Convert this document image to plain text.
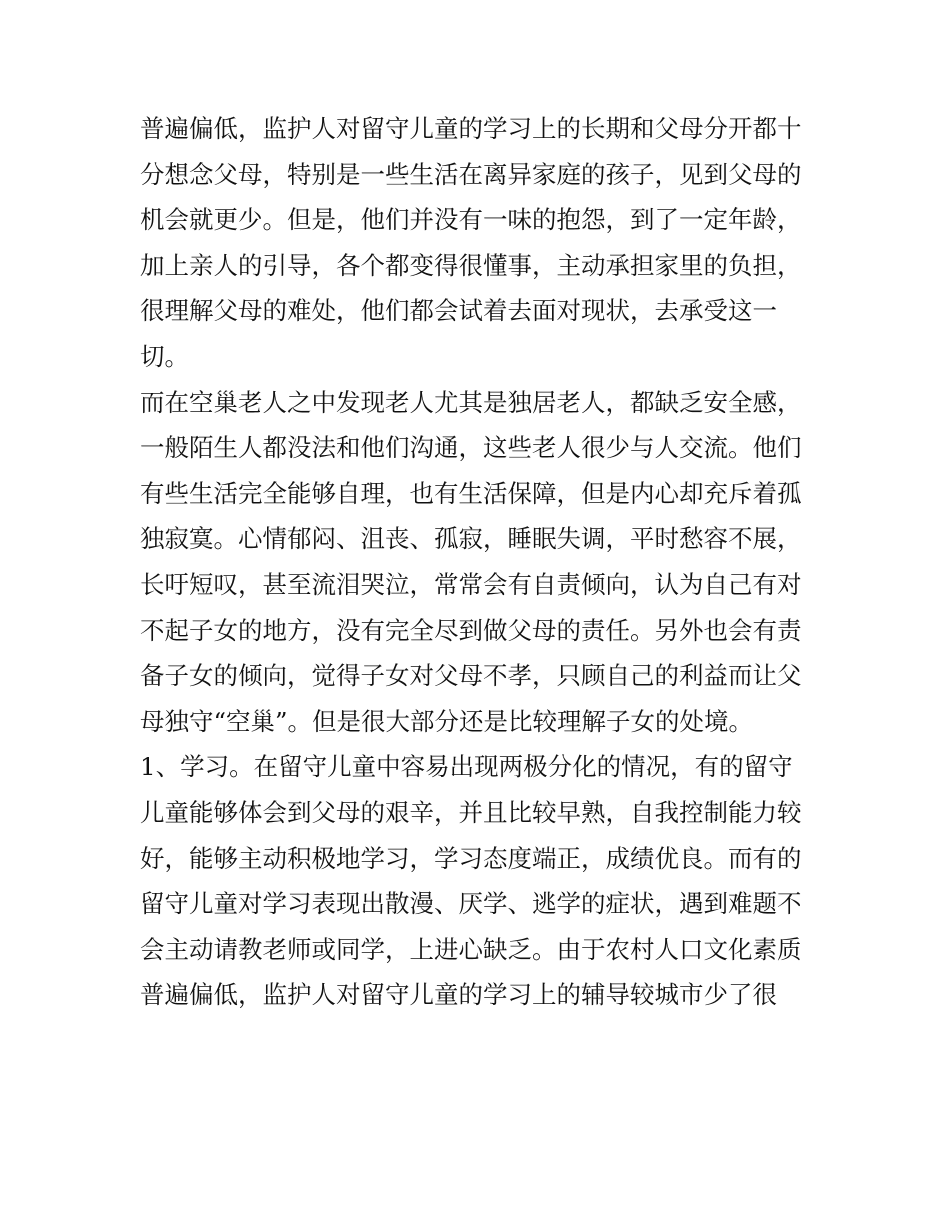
普遍偏低，监护人对留守儿童的学习上的长期和父母分开都十
分想念父母，特别是一些生活在离异家庭的孩子，见到父母的
机会就更少。但是，他们并没有一味的抱怨，到了一定年龄，
加上亲人的引导，各个都变得很懂事，主动承担家里的负担，
很理解父母的难处，他们都会试着去面对现状，去承受这一
切。
而在空巢老人之中发现老人尤其是独居老人，都缺乏安全感，
一般陌生人都没法和他们沟通，这些老人很少与人交流。他们
有些生活完全能够自理，也有生活保障，但是内心却充斥着孤
独寂寞。心情郁闷、沮丧、孤寂，睡眠失调，平时愁容不展，
长吁短叹，甚至流泪哭泣，常常会有自责倾向，认为自己有对
不起子女的地方，没有完全尽到做父母的责任。另外也会有责
备子女的倾向，觉得子女对父母不孝，只顾自己的利益而让父
母独守“空巢”。但是很大部分还是比较理解子女的处境。
1、学习。在留守儿童中容易出现两极分化的情况，有的留守
儿童能够体会到父母的艰辛，并且比较早熟，自我控制能力较
好，能够主动积极地学习，学习态度端正，成绩优良。而有的
留守儿童对学习表现出散漫、厌学、逃学的症状，遇到难题不
会主动请教老师或同学，上进心缺乏。由于农村人口文化素质
普遍偏低，监护人对留守儿童的学习上的辅导较城市少了很
